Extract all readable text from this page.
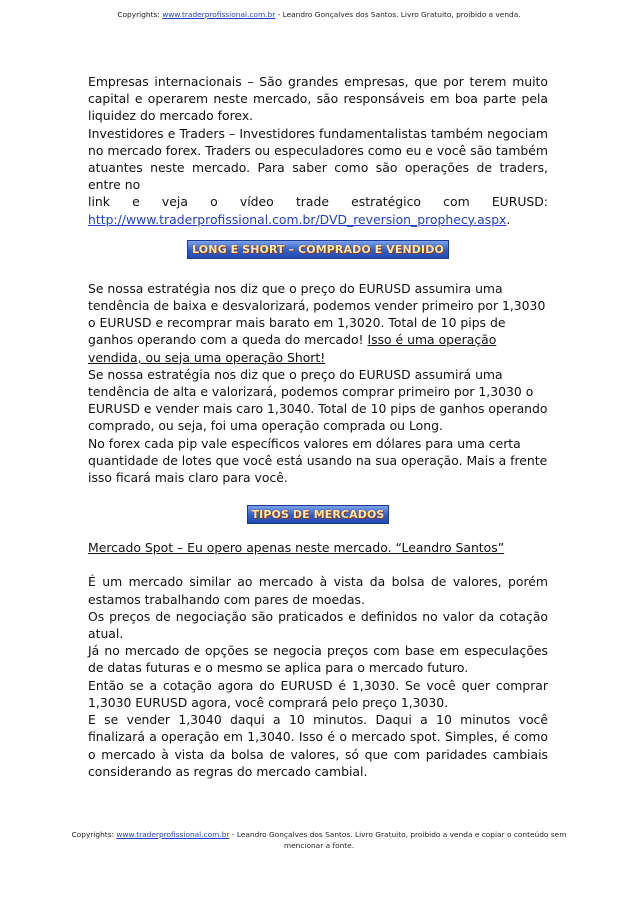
Copyrights: www.traderprofissional.com.br - Leandro Gonçalves dos Santos. Livro Gratuito, proibido a venda.

Empresas internacionais – São grandes empresas, que por terem muito capital e operarem neste mercado, são responsáveis em boa parte pela liquidez do mercado forex.

Investidores e Traders – Investidores fundamentalistas também negociam no mercado forex. Traders ou especuladores como eu e você são também atuantes neste mercado. Para saber como são operações de traders, entre no

link e veja o vídeo trade estratégico com EURUSD:

http://www.traderprofissional.com.br/DVD_reversion_prophecy.aspx.

LONG E SHORT – COMPRADO E VENDIDO

Se nossa estratégia nos diz que o preço do EURUSD assumira uma tendência de baixa e desvalorizará, podemos vender primeiro por 1,3030 o EURUSD e recomprar mais barato em 1,3020. Total de 10 pips de ganhos operando com a queda do mercado! Isso é uma operação vendida, ou seja uma operação Short!

Se nossa estratégia nos diz que o preço do EURUSD assumirá uma tendência de alta e valorizará, podemos comprar primeiro por 1,3030 o EURUSD e vender mais caro 1,3040. Total de 10 pips de ganhos operando comprado, ou seja, foi uma operação comprada ou Long.

No forex cada pip vale específicos valores em dólares para uma certa quantidade de lotes que você está usando na sua operação. Mais a frente isso ficará mais claro para você.

TIPOS DE MERCADOS

Mercado Spot – Eu opero apenas neste mercado. “Leandro Santos”

É um mercado similar ao mercado à vista da bolsa de valores, porém estamos trabalhando com pares de moedas.

Os preços de negociação são praticados e definidos no valor da cotação atual.

Já no mercado de opções se negocia preços com base em especulações de datas futuras e o mesmo se aplica para o mercado futuro.

Então se a cotação agora do EURUSD é 1,3030. Se você quer comprar 1,3030 EURUSD agora, você comprará pelo preço 1,3030.

E se vender 1,3040 daqui a 10 minutos. Daqui a 10 minutos você finalizará a operação em 1,3040. Isso é o mercado spot. Simples, é como o mercado à vista da bolsa de valores, só que com paridades cambiais considerando as regras do mercado cambial.

Copyrights: www.traderprofissional.com.br - Leandro Gonçalves dos Santos. Livro Gratuito, proibido a venda e copiar o conteúdo sem mencionar a fonte.
